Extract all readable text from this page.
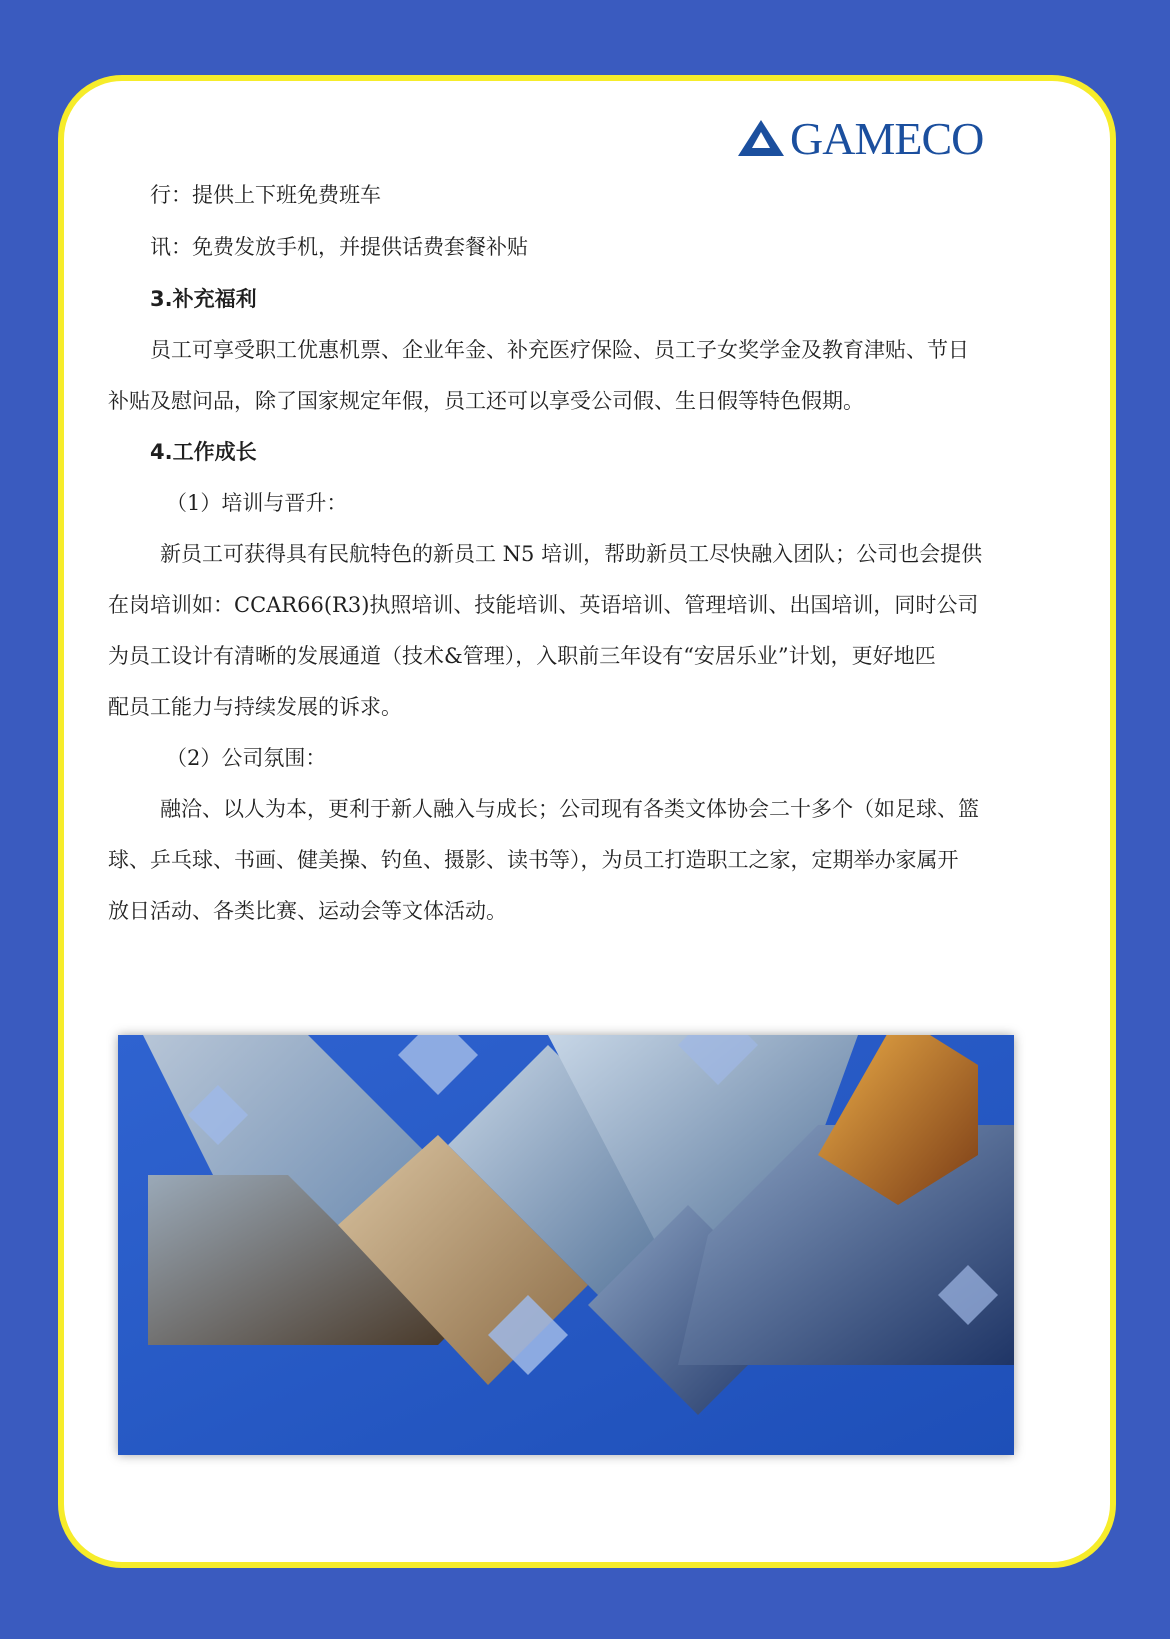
GAMECO
行：提供上下班免费班车
讯：免费发放手机，并提供话费套餐补贴
3.补充福利
员工可享受职工优惠机票、企业年金、补充医疗保险、员工子女奖学金及教育津贴、节日
补贴及慰问品，除了国家规定年假，员工还可以享受公司假、生日假等特色假期。
4.工作成长
（1）培训与晋升：
新员工可获得具有民航特色的新员工 N5 培训，帮助新员工尽快融入团队；公司也会提供
在岗培训如：CCAR66(R3)执照培训、技能培训、英语培训、管理培训、出国培训，同时公司
为员工设计有清晰的发展通道（技术&管理），入职前三年设有“安居乐业”计划，更好地匹
配员工能力与持续发展的诉求。
（2）公司氛围：
融洽、以人为本，更利于新人融入与成长；公司现有各类文体协会二十多个（如足球、篮
球、乒乓球、书画、健美操、钓鱼、摄影、读书等），为员工打造职工之家，定期举办家属开
放日活动、各类比赛、运动会等文体活动。
